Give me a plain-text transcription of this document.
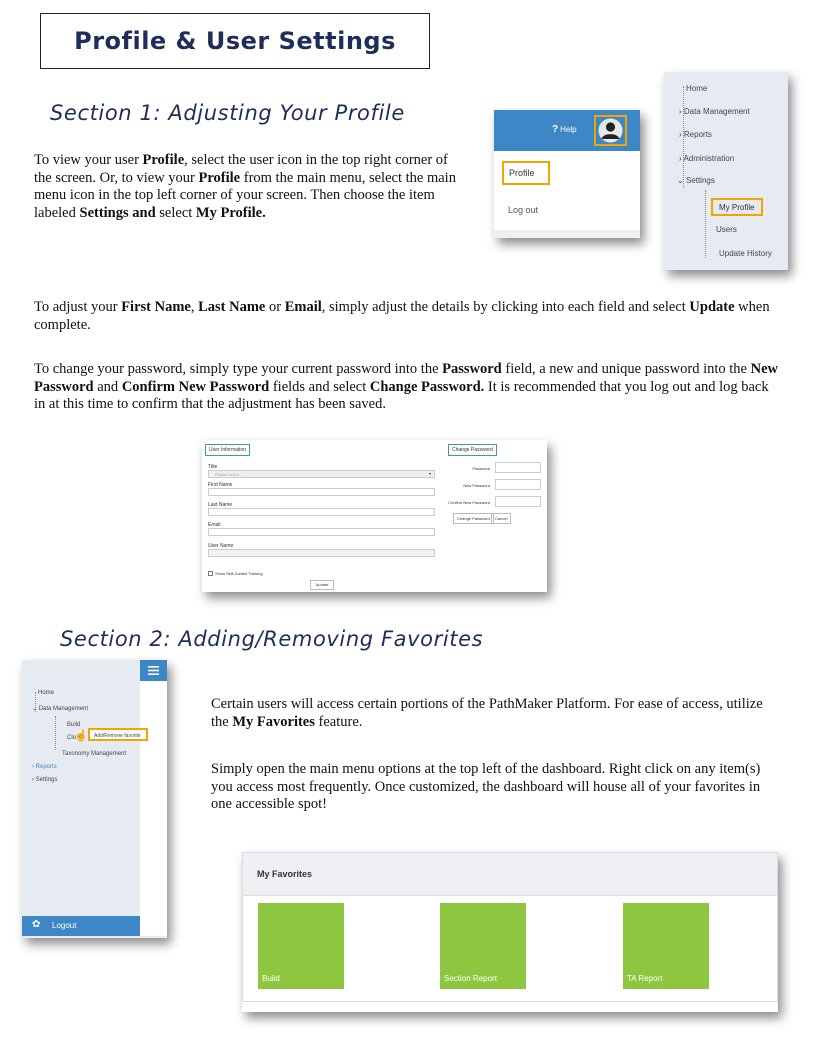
Profile & User Settings
Section 1: Adjusting Your Profile
To view your user Profile, select the user icon in the top right corner of the screen. Or, to view your Profile from the main menu, select the main menu icon in the top left corner of your screen. Then choose the item labeled Settings and select My Profile.
? Help
Profile
Log out
Home
› Data Management
› Reports
› Administration
⌄ Settings
My Profile
Users
Update History
To adjust your First Name, Last Name or Email, simply adjust the details by clicking into each field and select Update when complete.
To change your password, simply type your current password into the Password field, a new and unique password into the New Password and Confirm New Password fields and select Change Password. It is recommended that you log out and log back in at this time to confirm that the adjustment has been saved.
User Information	Change Password
Title
Please select...	▾
First Name
Last Name
Email
User Name
Show Self-Guided Training
Update
Password
New Password
Confirm New Password
Change Password	Cancel
Section 2: Adding/Removing Favorites
Home
⌄ Data Management
Build
Clo
☝	Add/Remove favorite
Taxonomy Management
› Reports
› Settings
✿ Logout
Certain users will access certain portions of the PathMaker Platform. For ease of access, utilize the My Favorites feature.
Simply open the main menu options at the top left of the dashboard. Right click on any item(s) you access most frequently. Once customized, the dashboard will house all of your favorites in one accessible spot!
My Favorites
Build	Section Report	TA Report
